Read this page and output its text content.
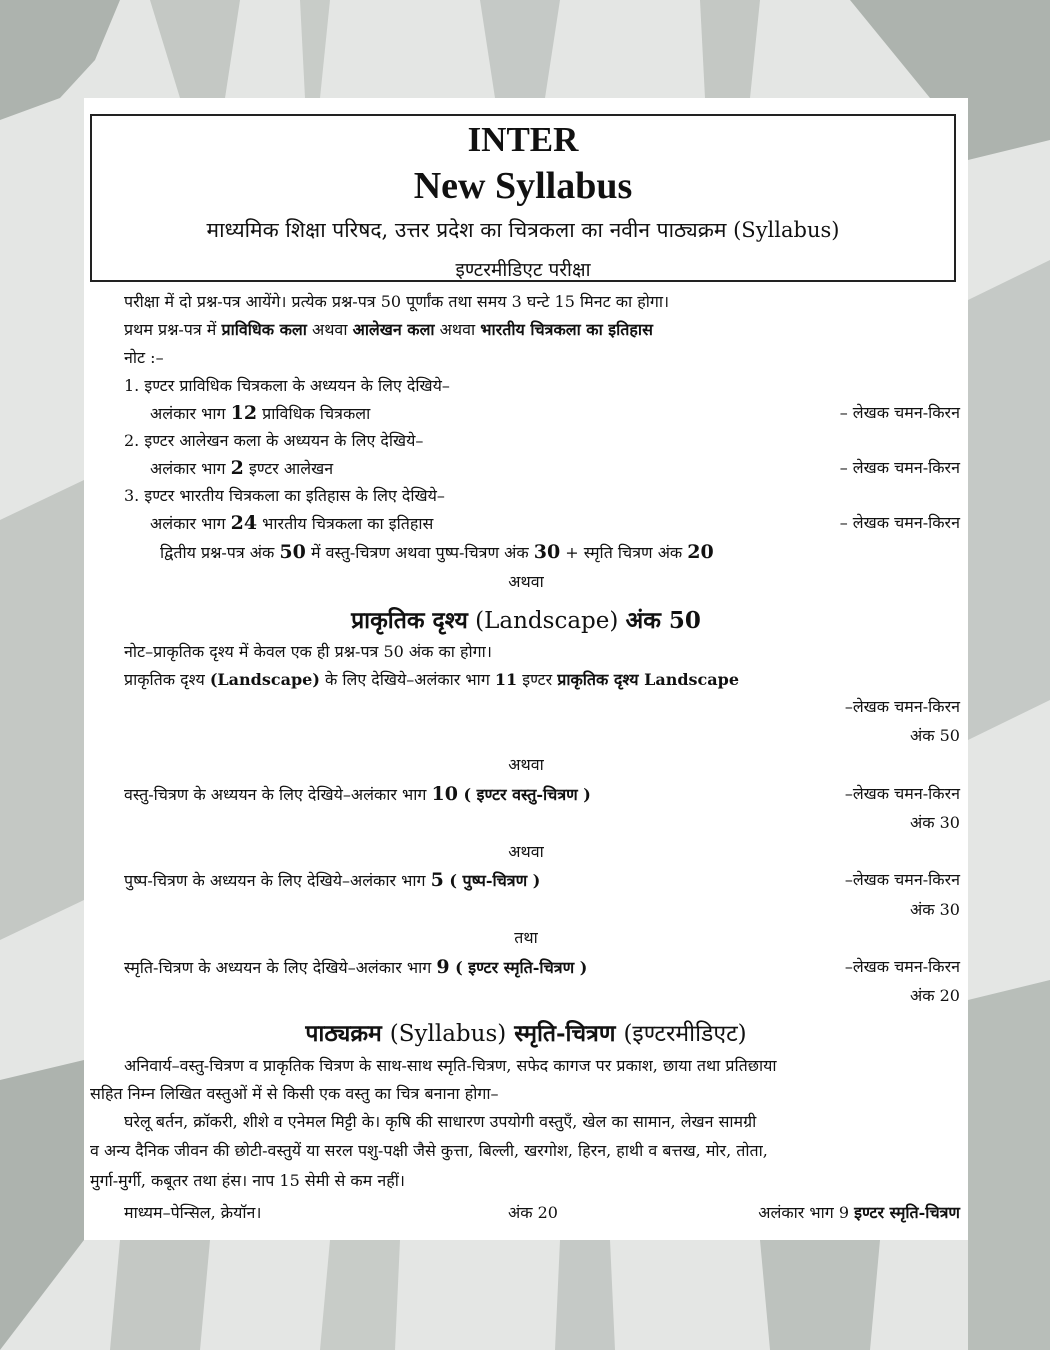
INTER
New Syllabus
माध्यमिक शिक्षा परिषद, उत्तर प्रदेश का चित्रकला का नवीन पाठ्यक्रम (Syllabus)
इण्टरमीडिएट परीक्षा
परीक्षा में दो प्रश्न-पत्र आयेंगे। प्रत्येक प्रश्न-पत्र 50 पूर्णांक तथा समय 3 घन्टे 15 मिनट का होगा।
प्रथम प्रश्न-पत्र में प्राविधिक कला अथवा आलेखन कला अथवा भारतीय चित्रकला का इतिहास
नोट :–
1. इण्टर प्राविधिक चित्रकला के अध्ययन के लिए देखिये–
अलंकार भाग 12 प्राविधिक चित्रकला	– लेखक चमन-किरन
2. इण्टर आलेखन कला के अध्ययन के लिए देखिये–
अलंकार भाग 2 इण्टर आलेखन	– लेखक चमन-किरन
3. इण्टर भारतीय चित्रकला का इतिहास के लिए देखिये–
अलंकार भाग 24 भारतीय चित्रकला का इतिहास	– लेखक चमन-किरन
द्वितीय प्रश्न-पत्र अंक 50 में वस्तु-चित्रण अथवा पुष्प-चित्रण अंक 30 + स्मृति चित्रण अंक 20
अथवा
प्राकृतिक दृश्य (Landscape) अंक 50
नोट–प्राकृतिक दृश्य में केवल एक ही प्रश्न-पत्र 50 अंक का होगा।
प्राकृतिक दृश्य (Landscape) के लिए देखिये–अलंकार भाग 11 इण्टर प्राकृतिक दृश्य Landscape
–लेखक चमन-किरन
अंक 50
अथवा
वस्तु-चित्रण के अध्ययन के लिए देखिये–अलंकार भाग 10 ( इण्टर वस्तु-चित्रण )	–लेखक चमन-किरन
अंक 30
अथवा
पुष्प-चित्रण के अध्ययन के लिए देखिये–अलंकार भाग 5 ( पुष्प-चित्रण )	–लेखक चमन-किरन
अंक 30
तथा
स्मृति-चित्रण के अध्ययन के लिए देखिये–अलंकार भाग 9 ( इण्टर स्मृति-चित्रण )	–लेखक चमन-किरन
अंक 20
पाठ्यक्रम (Syllabus) स्मृति-चित्रण (इण्टरमीडिएट)
अनिवार्य–वस्तु-चित्रण व प्राकृतिक चित्रण के साथ-साथ स्मृति-चित्रण, सफेद कागज पर प्रकाश, छाया तथा प्रतिछाया
सहित निम्न लिखित वस्तुओं में से किसी एक वस्तु का चित्र बनाना होगा–
घरेलू बर्तन, क्रॉकरी, शीशे व एनेमल मिट्टी के। कृषि की साधारण उपयोगी वस्तुएँ, खेल का सामान, लेखन सामग्री
व अन्य दैनिक जीवन की छोटी-वस्तुयें या सरल पशु-पक्षी जैसे कुत्ता, बिल्ली, खरगोश, हिरन, हाथी व बत्तख, मोर, तोता,
मुर्गा-मुर्गी, कबूतर तथा हंस। नाप 15 सेमी से कम नहीं।
माध्यम–पेन्सिल, क्रेयॉन।	अंक 20	अलंकार भाग 9 इण्टर स्मृति-चित्रण
